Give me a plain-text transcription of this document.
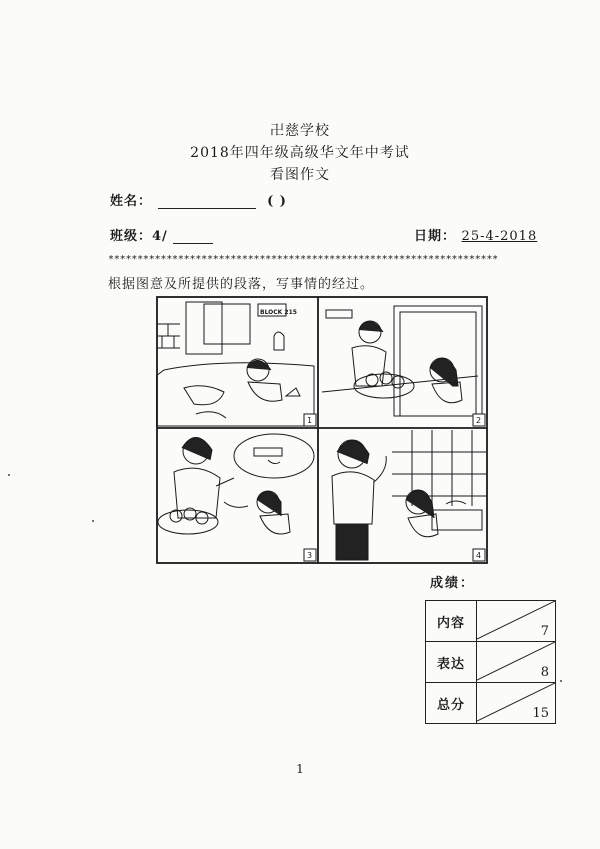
卍慈学校
2018年四年级高级华文年中考试
看图作文
姓名：	( )
班级：4/	日期： 25-4-2018
*******************************************************************
根据图意及所提供的段落，写事情的经过。
BLOCK 215
1	2
3	4
成绩：
内容	7

表达	8

总分	15
1
